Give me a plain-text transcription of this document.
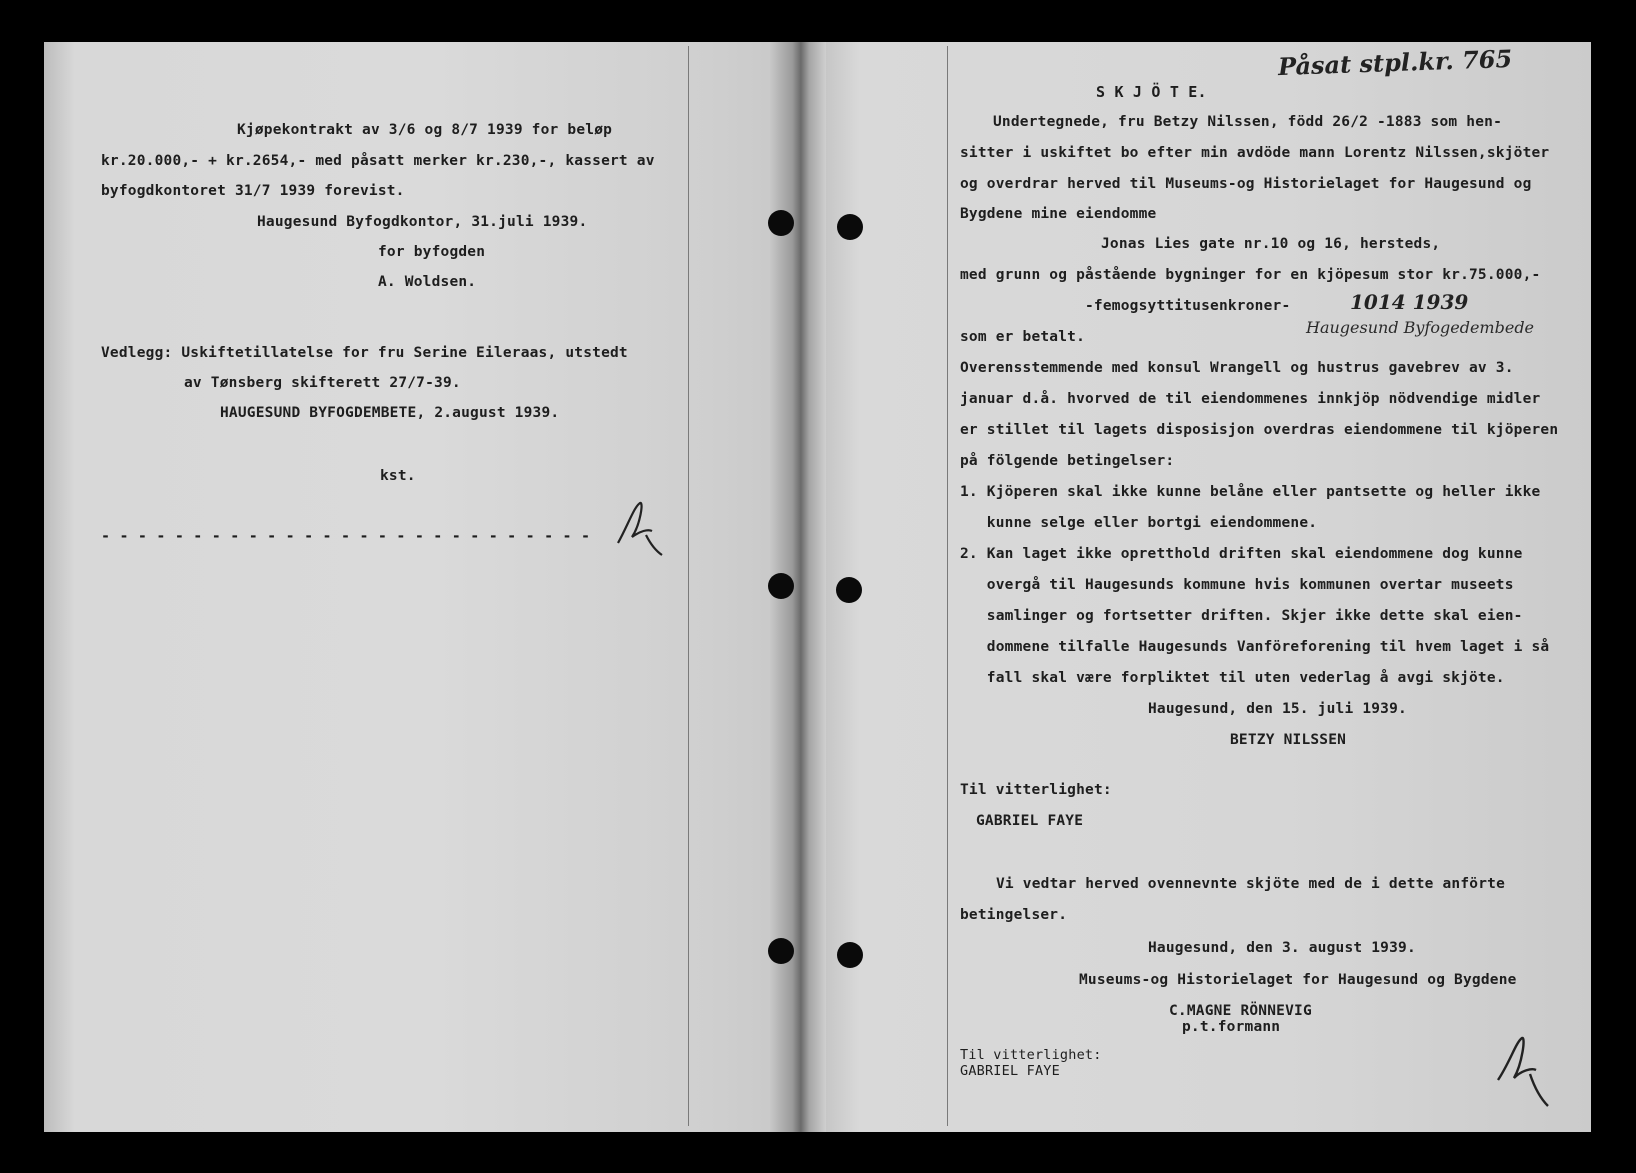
Kjøpekontrakt av 3/6 og 8/7 1939 for beløp
kr.20.000,- + kr.2654,- med påsatt merker kr.230,-, kassert av
byfogdkontoret 31/7 1939 forevist.
Haugesund Byfogdkontor, 31.juli 1939.
for byfogden
A. Woldsen.
Vedlegg: Uskiftetillatelse for fru Serine Eileraas, utstedt
av Tønsberg skifterett 27/7-39.
HAUGESUND BYFOGDEMBETE, 2.august 1939.
kst.
- - - - - - - - - - - - - - - - - - - - - - - - - - -
Påsat stpl.kr. 765
S K J Ö T E.
Undertegnede, fru Betzy Nilssen, född 26/2 -1883 som hen-
sitter i uskiftet bo efter min avdöde mann Lorentz Nilssen,skjöter
og overdrar herved til Museums-og Historielaget for Haugesund og
Bygdene mine eiendomme
Jonas Lies gate nr.10 og 16, hersteds,
med grunn og påstående bygninger for en kjöpesum stor kr.75.000,-
-femogsyttitusenkroner-	1014 1939
Haugesund Byfogedembede
som er betalt.
Overensstemmende med konsul Wrangell og hustrus gavebrev av 3.
januar d.å. hvorved de til eiendommenes innkjöp nödvendige midler
er stillet til lagets disposisjon overdras eiendommene til kjöperen
på fölgende betingelser:
1. Kjöperen skal ikke kunne belåne eller pantsette og heller ikke
kunne selge eller bortgi eiendommene.
2. Kan laget ikke opretthold driften skal eiendommene dog kunne
overgå til Haugesunds kommune hvis kommunen overtar museets
samlinger og fortsetter driften. Skjer ikke dette skal eien-
dommene tilfalle Haugesunds Vanföreforening til hvem laget i så
fall skal være forpliktet til uten vederlag å avgi skjöte.
Haugesund, den 15. juli 1939.
BETZY NILSSEN
Til vitterlighet:
GABRIEL FAYE
Vi vedtar herved ovennevnte skjöte med de i dette anförte
betingelser.
Haugesund, den 3. august 1939.
Museums-og Historielaget for Haugesund og Bygdene
C.MAGNE RÖNNEVIG
p.t.formann
Til vitterlighet:
GABRIEL FAYE
